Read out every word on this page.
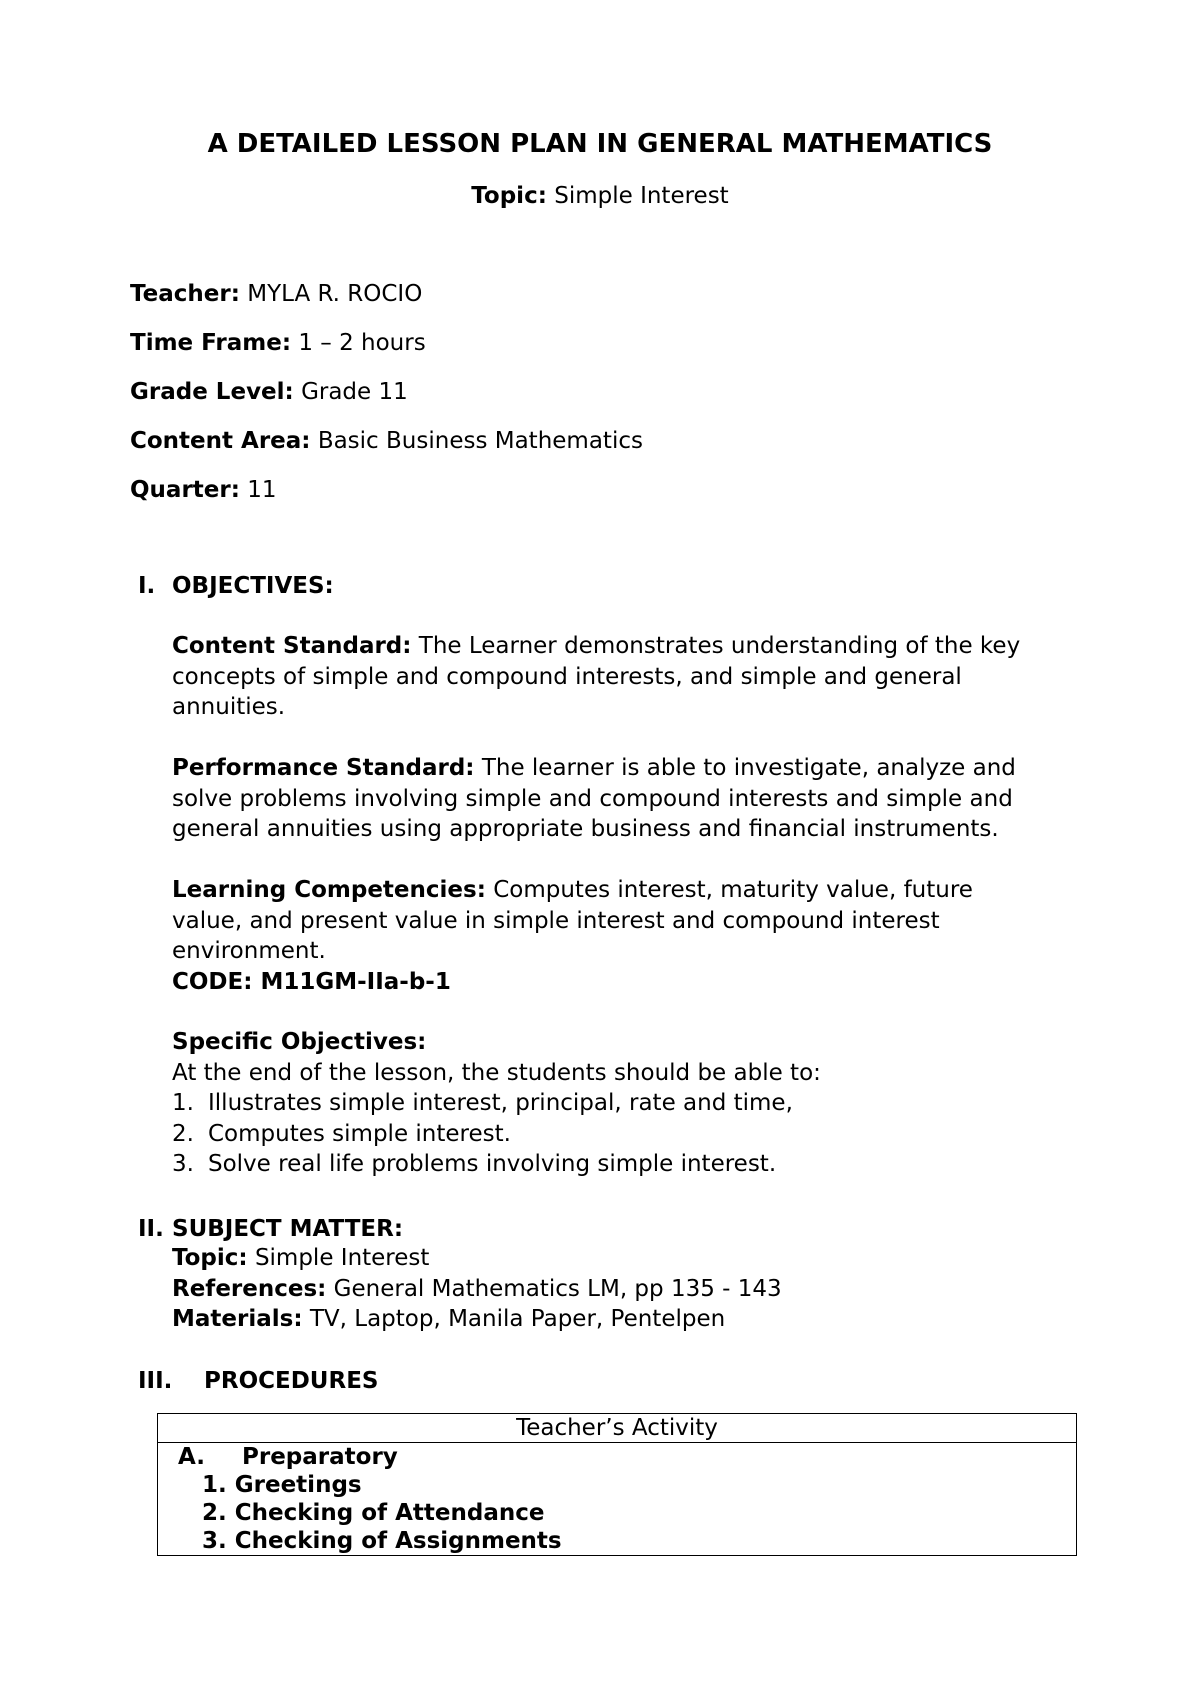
A DETAILED LESSON PLAN IN GENERAL MATHEMATICS
Topic: Simple Interest
Teacher: MYLA R. ROCIO
Time Frame: 1 – 2 hours
Grade Level: Grade 11
Content Area: Basic Business Mathematics
Quarter: 11
I. OBJECTIVES:

Content Standard: The Learner demonstrates understanding of the key

concepts of simple and compound interests, and simple and general

annuities.

Performance Standard: The learner is able to investigate, analyze and

solve problems involving simple and compound interests and simple and

general annuities using appropriate business and financial instruments.

Learning Competencies: Computes interest, maturity value, future

value, and present value in simple interest and compound interest

environment.

CODE: M11GM-IIa-b-1

Specific Objectives:

At the end of the lesson, the students should be able to:

1. Illustrates simple interest, principal, rate and time,
2. Computes simple interest.
3. Solve real life problems involving simple interest.
II. SUBJECT MATTER:

Topic: Simple Interest

References: General Mathematics LM, pp 135 - 143

Materials: TV, Laptop, Manila Paper, Pentelpen

III. PROCEDURES
Teacher’s Activity

A. Preparatory
1. Greetings
2. Checking of Attendance
3. Checking of Assignments
